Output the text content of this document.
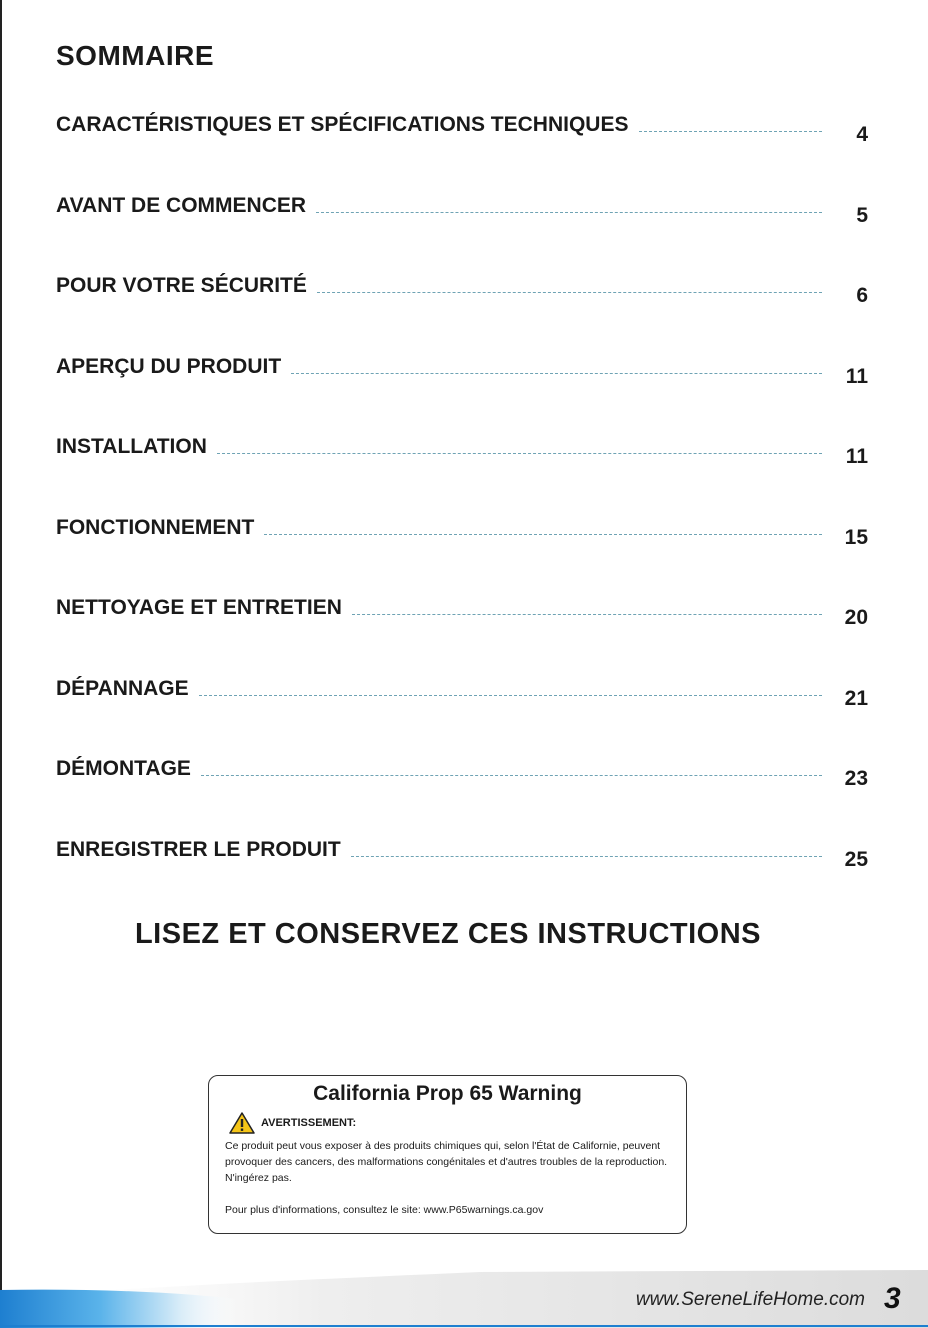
SOMMAIRE
CARACTÉRISTIQUES ET SPÉCIFICATIONS TECHNIQUES	4
AVANT DE COMMENCER	5
POUR VOTRE SÉCURITÉ	6
APERÇU DU PRODUIT	11
INSTALLATION	11
FONCTIONNEMENT	15
NETTOYAGE ET ENTRETIEN	20
DÉPANNAGE	21
DÉMONTAGE	23
ENREGISTRER LE PRODUIT	25
LISEZ ET CONSERVEZ CES INSTRUCTIONS
California Prop 65 Warning
AVERTISSEMENT:
Ce produit peut vous exposer à des produits chimiques qui, selon l'État de Californie, peuvent provoquer des cancers, des malformations congénitales et d'autres troubles de la reproduction. N'ingérez pas.
Pour plus d'informations, consultez le site: www.P65warnings.ca.gov
www.SereneLifeHome.com 3
